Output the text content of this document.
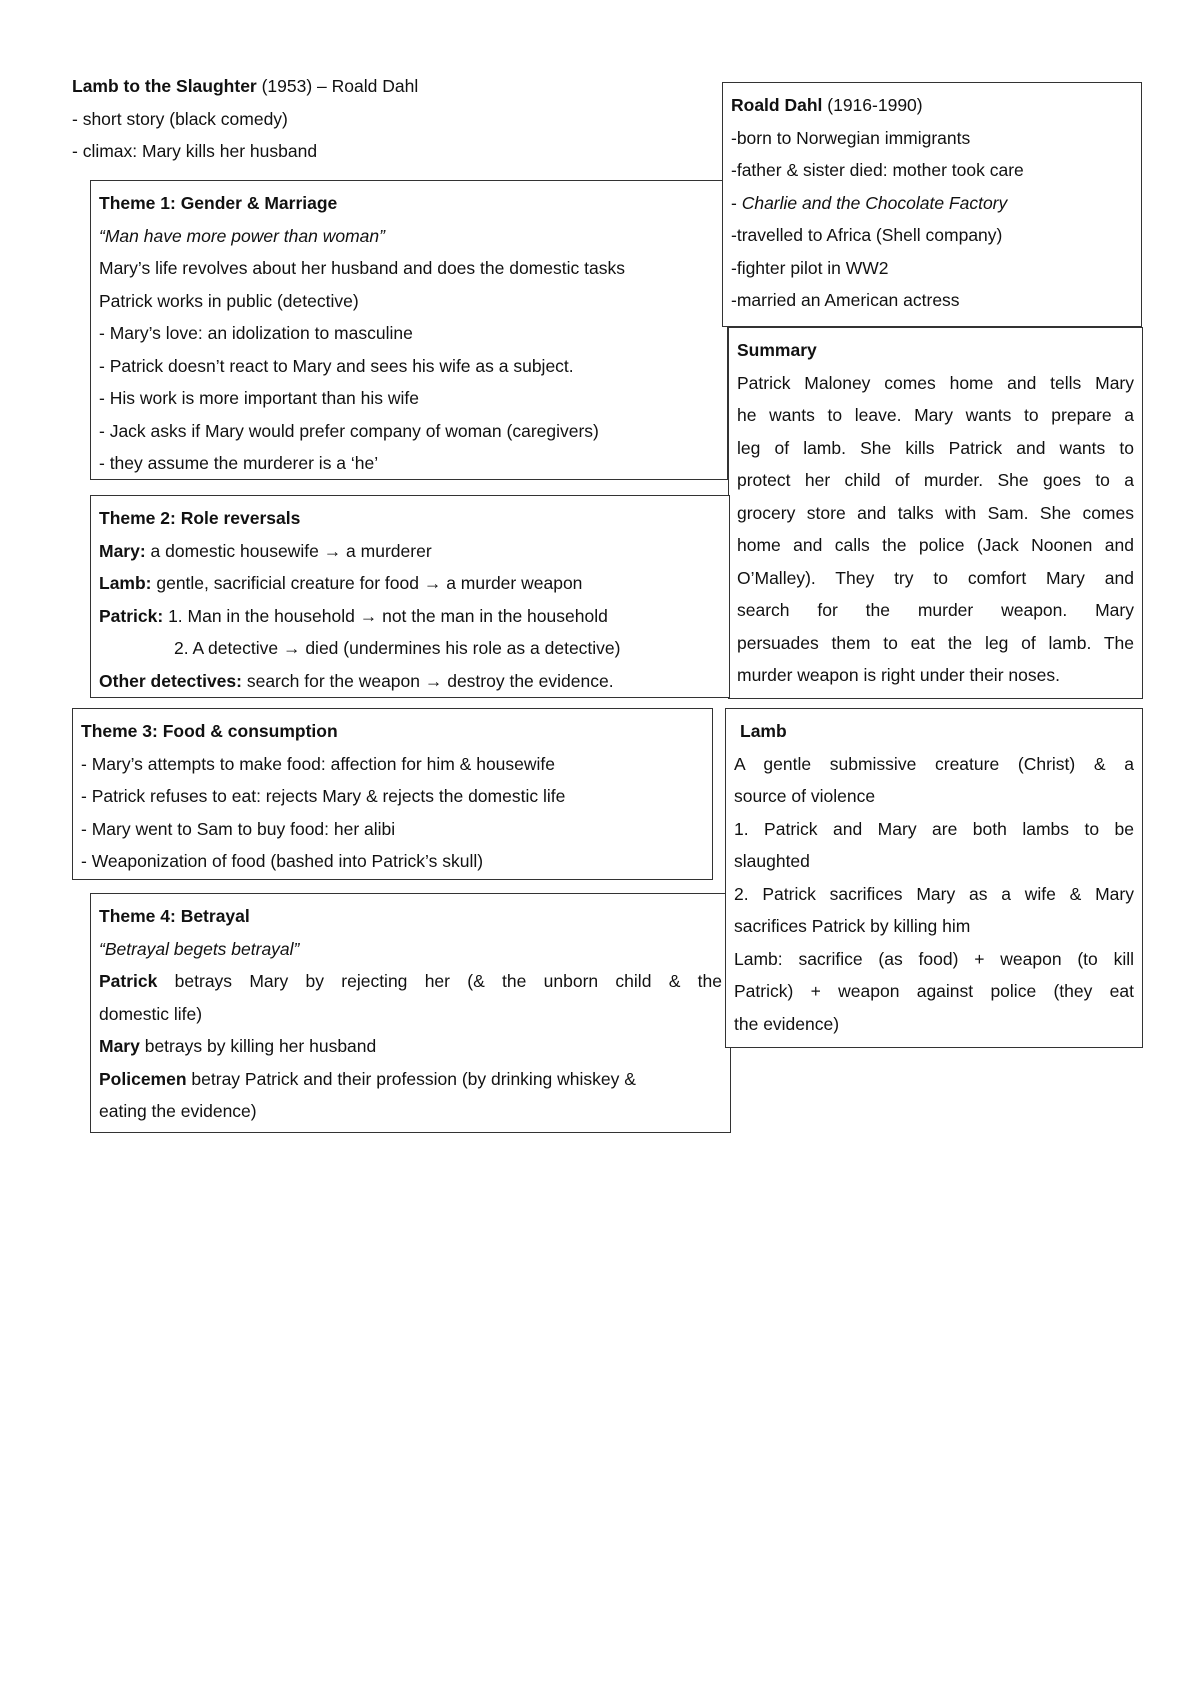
Lamb to the Slaughter (1953) – Roald Dahl
- short story (black comedy)
- climax: Mary kills her husband
Roald Dahl (1916-1990)
-born to Norwegian immigrants
-father & sister died: mother took care
- Charlie and the Chocolate Factory
-travelled to Africa (Shell company)
-fighter pilot in WW2
-married an American actress
Theme 1: Gender & Marriage
“Man have more power than woman”
Mary’s life revolves about her husband and does the domestic tasks
Patrick works in public (detective)
- Mary’s love: an idolization to masculine
- Patrick doesn’t react to Mary and sees his wife as a subject.
- His work is more important than his wife
- Jack asks if Mary would prefer company of woman (caregivers)
- they assume the murderer is a ‘he’
Summary
Patrick Maloney comes home and tells Mary
he wants to leave. Mary wants to prepare a
leg of lamb. She kills Patrick and wants to
protect her child of murder. She goes to a
grocery store and talks with Sam. She comes
home and calls the police (Jack Noonen and
O’Malley). They try to comfort Mary and
search for the murder weapon. Mary
persuades them to eat the leg of lamb. The
murder weapon is right under their noses.
Theme 2: Role reversals
Mary: a domestic housewife → a murderer
Lamb: gentle, sacrificial creature for food → a murder weapon
Patrick: 1. Man in the household → not the man in the household
2. A detective → died (undermines his role as a detective)
Other detectives: search for the weapon → destroy the evidence.
Theme 3: Food & consumption
- Mary’s attempts to make food: affection for him & housewife
- Patrick refuses to eat: rejects Mary & rejects the domestic life
- Mary went to Sam to buy food: her alibi
- Weaponization of food (bashed into Patrick’s skull)
Lamb
A gentle submissive creature (Christ) & a
source of violence
1. Patrick and Mary are both lambs to be
slaughted
2. Patrick sacrifices Mary as a wife & Mary
sacrifices Patrick by killing him
Lamb: sacrifice (as food) + weapon (to kill
Patrick) + weapon against police (they eat
the evidence)
Theme 4: Betrayal
“Betrayal begets betrayal”
Patrick betrays Mary by rejecting her (& the unborn child & the
domestic life)
Mary betrays by killing her husband
Policemen betray Patrick and their profession (by drinking whiskey &
eating the evidence)
